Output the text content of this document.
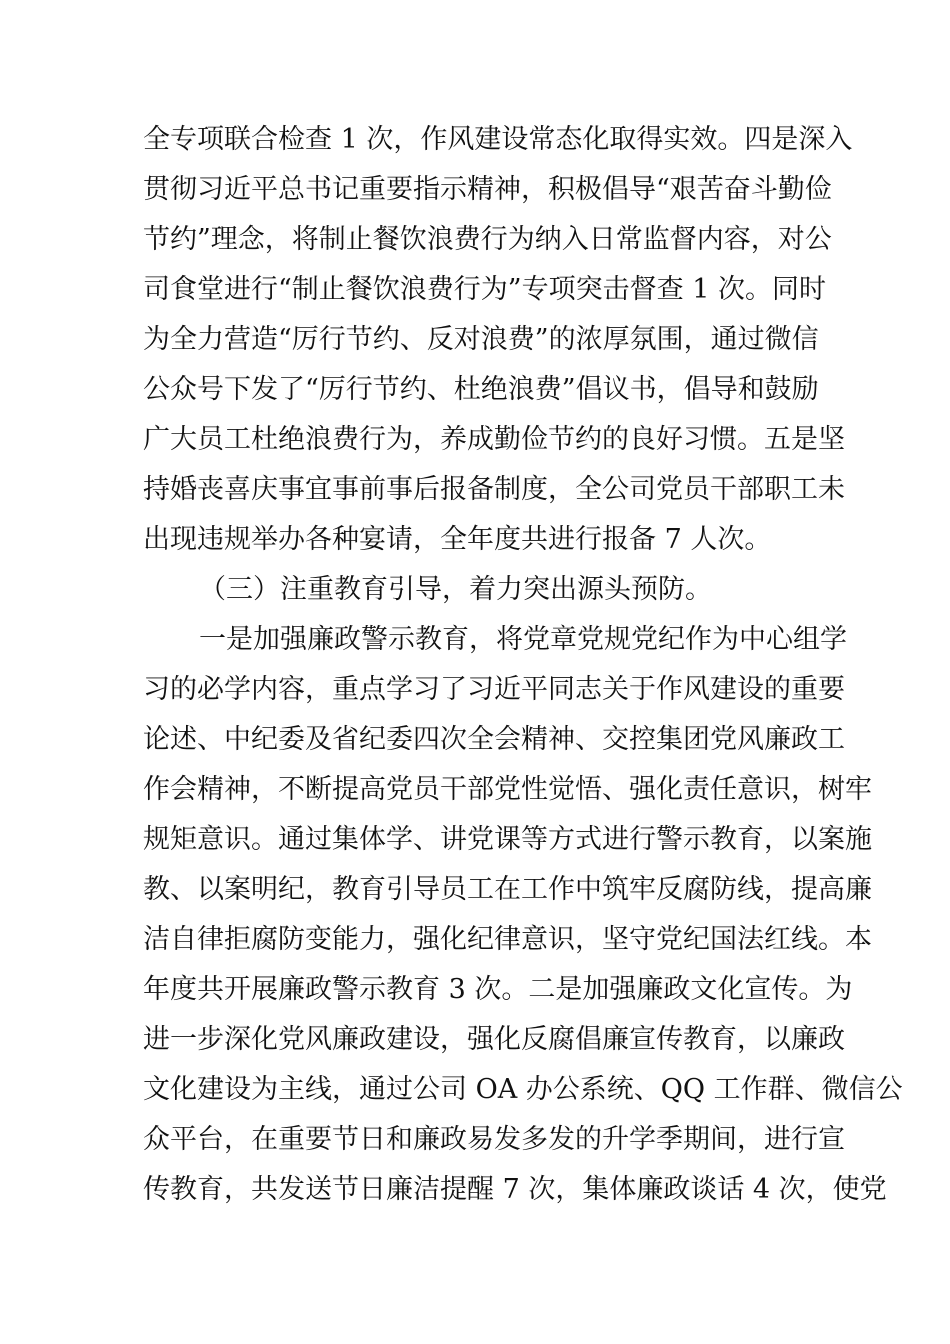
全专项联合检查 1 次，作风建设常态化取得实效。四是深入
贯彻习近平总书记重要指示精神，积极倡导“艰苦奋斗勤俭
节约”理念，将制止餐饮浪费行为纳入日常监督内容，对公
司食堂进行“制止餐饮浪费行为”专项突击督查 1 次。同时
为全力营造“厉行节约、反对浪费”的浓厚氛围，通过微信
公众号下发了“厉行节约、杜绝浪费”倡议书，倡导和鼓励
广大员工杜绝浪费行为，养成勤俭节约的良好习惯。五是坚
持婚丧喜庆事宜事前事后报备制度，全公司党员干部职工未
出现违规举办各种宴请，全年度共进行报备 7 人次。
（三）注重教育引导，着力突出源头预防。
一是加强廉政警示教育，将党章党规党纪作为中心组学
习的必学内容，重点学习了习近平同志关于作风建设的重要
论述、中纪委及省纪委四次全会精神、交控集团党风廉政工
作会精神，不断提高党员干部党性觉悟、强化责任意识，树牢
规矩意识。通过集体学、讲党课等方式进行警示教育，以案施
教、以案明纪，教育引导员工在工作中筑牢反腐防线，提高廉
洁自律拒腐防变能力，强化纪律意识，坚守党纪国法红线。本
年度共开展廉政警示教育 3 次。二是加强廉政文化宣传。为
进一步深化党风廉政建设，强化反腐倡廉宣传教育，以廉政
文化建设为主线，通过公司 OA 办公系统、QQ 工作群、微信公
众平台，在重要节日和廉政易发多发的升学季期间，进行宣
传教育，共发送节日廉洁提醒 7 次，集体廉政谈话 4 次，使党
